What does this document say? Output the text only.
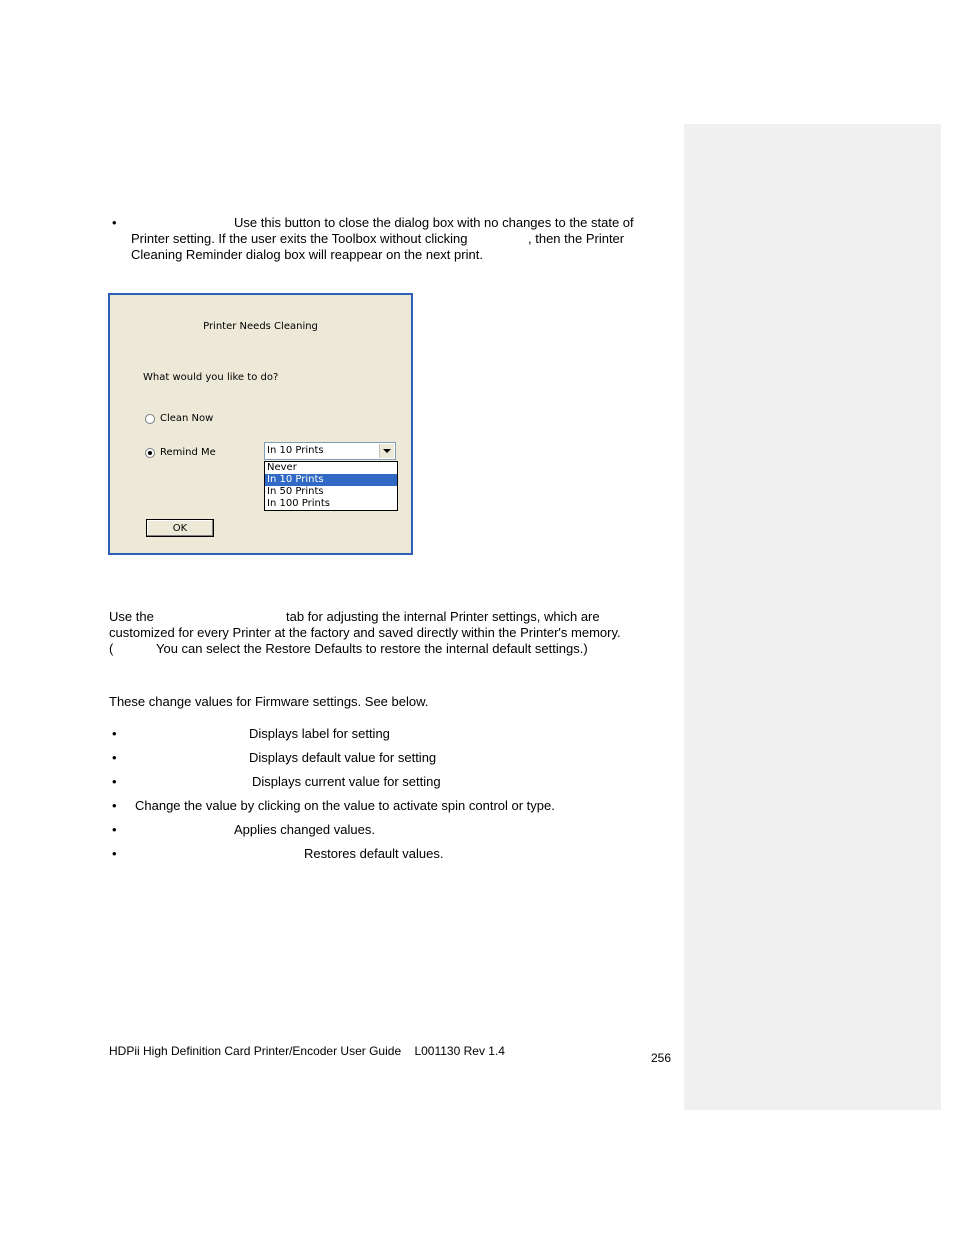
•	Use this button to close the dialog box with no changes to the state of
Printer setting. If the user exits the Toolbox without clicking	, then the Printer
Cleaning Reminder dialog box will reappear on the next print.
Printer Needs Cleaning
What would you like to do?
Clean Now
Remind Me	In 10 Prints
Never
In 10 Prints
In 50 Prints
In 100 Prints
OK
Use the	tab for adjusting the internal Printer settings, which are
customized for every Printer at the factory and saved directly within the Printer's memory.
(	You can select the Restore Defaults to restore the internal default settings.)
These change values for Firmware settings. See below.
•	Displays label for setting
•	Displays default value for setting
•	Displays current value for setting
• Change the value by clicking on the value to activate spin control or type.
•	Applies changed values.
•	Restores default values.
HDPii High Definition Card Printer/Encoder User Guide    L001130 Rev 1.4	256
